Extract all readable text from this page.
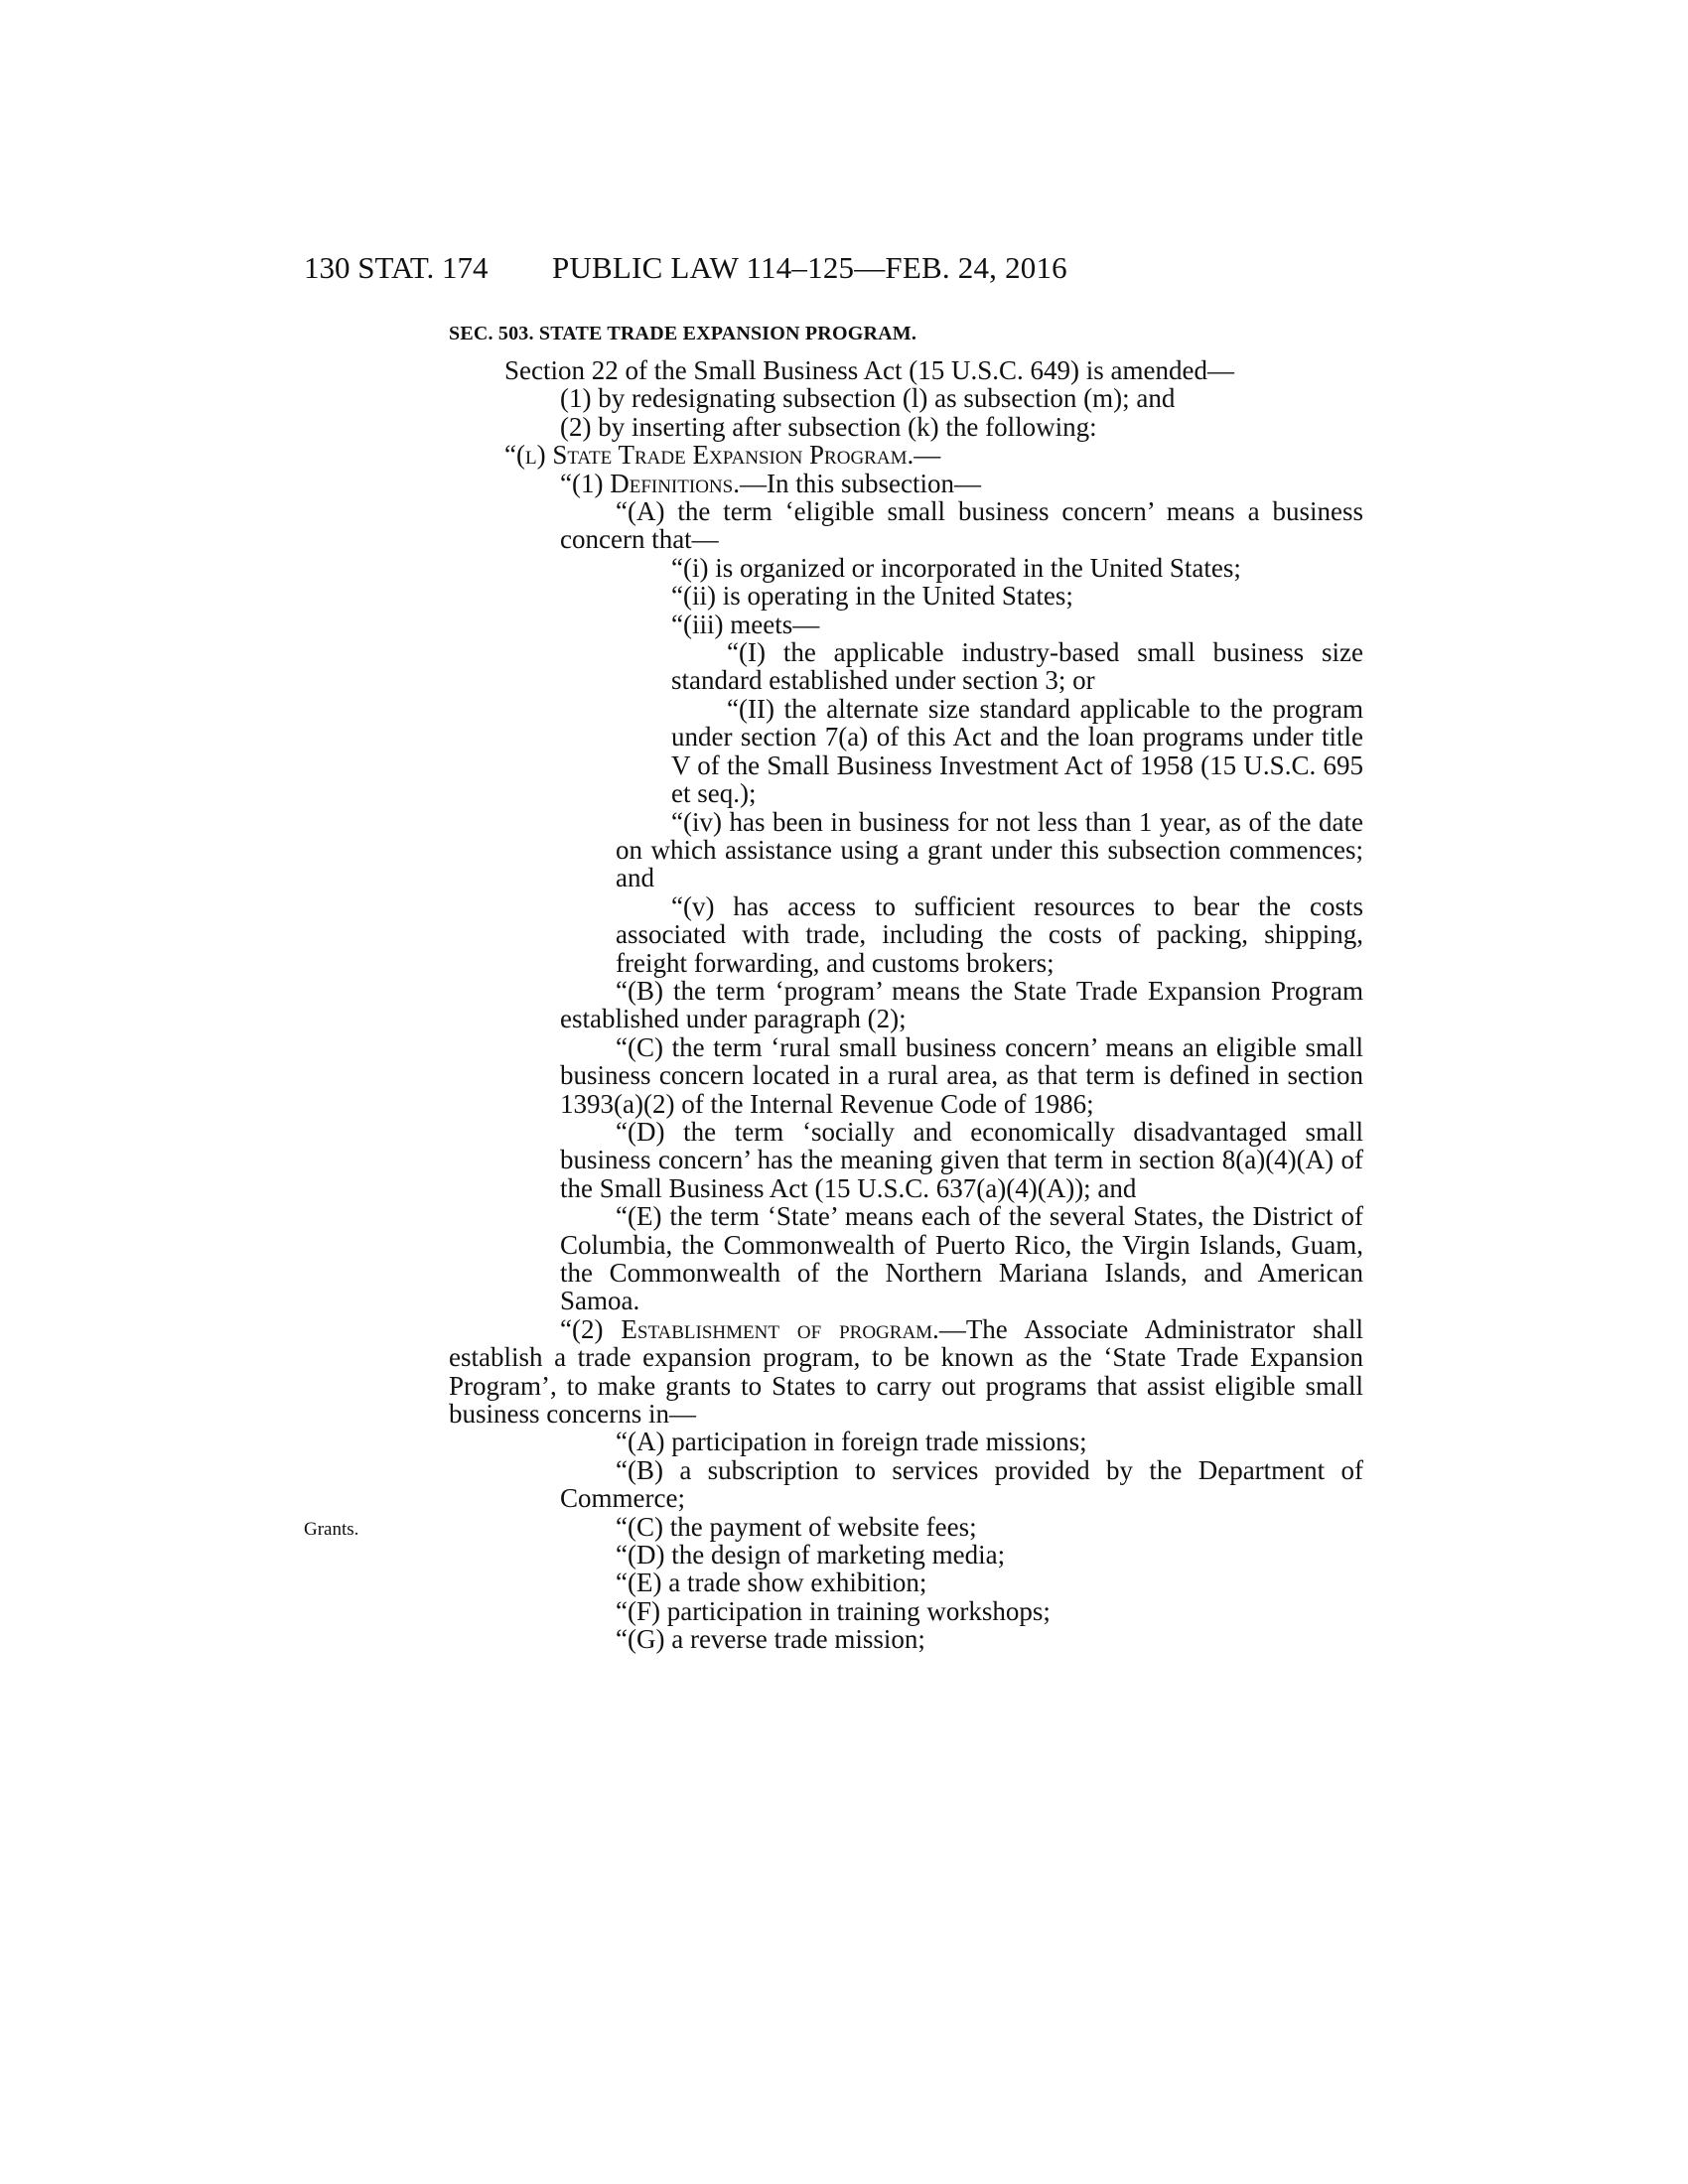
130 STAT. 174 PUBLIC LAW 114–125—FEB. 24, 2016
Grants.
SEC. 503. STATE TRADE EXPANSION PROGRAM.

Section 22 of the Small Business Act (15 U.S.C. 649) is amended—

(1) by redesignating subsection (l) as subsection (m); and

(2) by inserting after subsection (k) the following:

“(l) State Trade Expansion Program.—

“(1) Definitions.—In this subsection—

“(A) the term ‘eligible small business concern’ means a business concern that—

“(i) is organized or incorporated in the United States;

“(ii) is operating in the United States;

“(iii) meets—

“(I) the applicable industry-based small business size standard established under section 3; or

“(II) the alternate size standard applicable to the program under section 7(a) of this Act and the loan programs under title V of the Small Business Investment Act of 1958 (15 U.S.C. 695 et seq.);

“(iv) has been in business for not less than 1 year, as of the date on which assistance using a grant under this subsection commences; and

“(v) has access to sufficient resources to bear the costs associated with trade, including the costs of packing, shipping, freight forwarding, and customs brokers;

“(B) the term ‘program’ means the State Trade Expansion Program established under paragraph (2);

“(C) the term ‘rural small business concern’ means an eligible small business concern located in a rural area, as that term is defined in section 1393(a)(2) of the Internal Revenue Code of 1986;

“(D) the term ‘socially and economically disadvantaged small business concern’ has the meaning given that term in section 8(a)(4)(A) of the Small Business Act (15 U.S.C. 637(a)(4)(A)); and

“(E) the term ‘State’ means each of the several States, the District of Columbia, the Commonwealth of Puerto Rico, the Virgin Islands, Guam, the Commonwealth of the Northern Mariana Islands, and American Samoa.

“(2) Establishment of program.—The Associate Administrator shall establish a trade expansion program, to be known as the ‘State Trade Expansion Program’, to make grants to States to carry out programs that assist eligible small business concerns in—

“(A) participation in foreign trade missions;

“(B) a subscription to services provided by the Department of Commerce;

“(C) the payment of website fees;

“(D) the design of marketing media;

“(E) a trade show exhibition;

“(F) participation in training workshops;

“(G) a reverse trade mission;
